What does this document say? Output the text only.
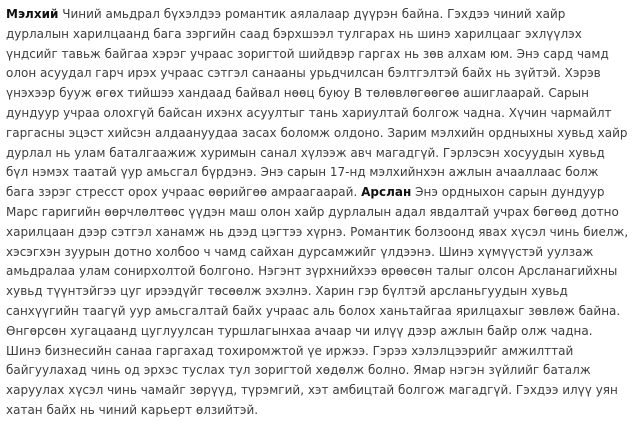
Мэлхий Чиний амьдрал бүхэлдээ романтик аялалаар дүүрэн байна. Гэхдээ чиний хайр дурлалын харилцаанд бага зэргийн саад бэрхшээл тулгарах нь шинэ харилцааг эхлүүлэх үндсийг тавьж байгаа хэрэг учраас зоригтой шийдвэр гаргах нь зөв алхам юм. Энэ сард чамд олон асуудал гарч ирэх учраас сэтгэл санааны урьдчилсан бэлтгэлтэй байх нь зүйтэй. Хэрэв үнэхээр бууж өгөх тийшээ хандаад байвал нөөц буюу В төлөвлөгөөгөө ашиглаарай. Сарын дундуур учраа олохгүй байсан ихэнх асуултыг тань хариултай болгож чадна. Хүчин чармайлт гаргасны эцэст хийсэн алдаануудаа засах боломж олдоно. Зарим мэлхийн ордныхны хувьд хайр дурлал нь улам баталгаажиж хуримын санал хүлээж авч магадгүй. Гэрлэсэн хосуудын хувьд бүл нэмэх таатай үур амьсгал бүрдэнэ. Энэ сарын 17-нд мэлхийнхэн ажлын ачааллаас болж бага зэрэг стресст орох учраас өөрийгөө амраагаарай. Арслан Энэ ордныхон сарын дундуур Марс гаригийн өөрчлөлтөөс үүдэн маш олон хайр дурлалын адал явдалтай учрах бөгөөд дотно харилцаан дээр сэтгэл ханамж нь дээд цэгтээ хүрнэ. Романтик болзоонд явах хүсэл чинь биелж, хэсэгхэн зуурын дотно холбоо ч чамд сайхан дурсамжийг үлдээнэ. Шинэ хүмүүстэй уулзаж амьдралаа улам сонирхолтой болгоно. Нэгэнт зүрхнийхээ өрөөсөн талыг олсон Арсланагийхны хувьд түүнтэйгээ цуг ирээдүйг төсөөлж эхэлнэ. Харин гэр бүлтэй арсланьгуудын хувьд санхүүгийн таагүй уур амьсгалтай байх учраас аль болох ханьтайгаа ярилцахыг зөвлөж байна. Өнгөрсөн хугацаанд цуглуулсан туршлагынхаа ачаар чи илүү дээр ажлын байр олж чадна. Шинэ бизнесийн санаа гаргахад тохиромжтой үе иржээ. Гэрээ хэлэлцээрийг амжилттай байгуулахад чинь од эрхэс туслах тул зоригтой хөдөлж болно. Ямар нэгэн зүйлийг баталж харуулах хүсэл чинь чамайг зөрүүд, түрэмгий, хэт амбицтай болгож магадгүй. Гэхдээ илүү уян хатан байх нь чиний карьерт өлзийтэй.
